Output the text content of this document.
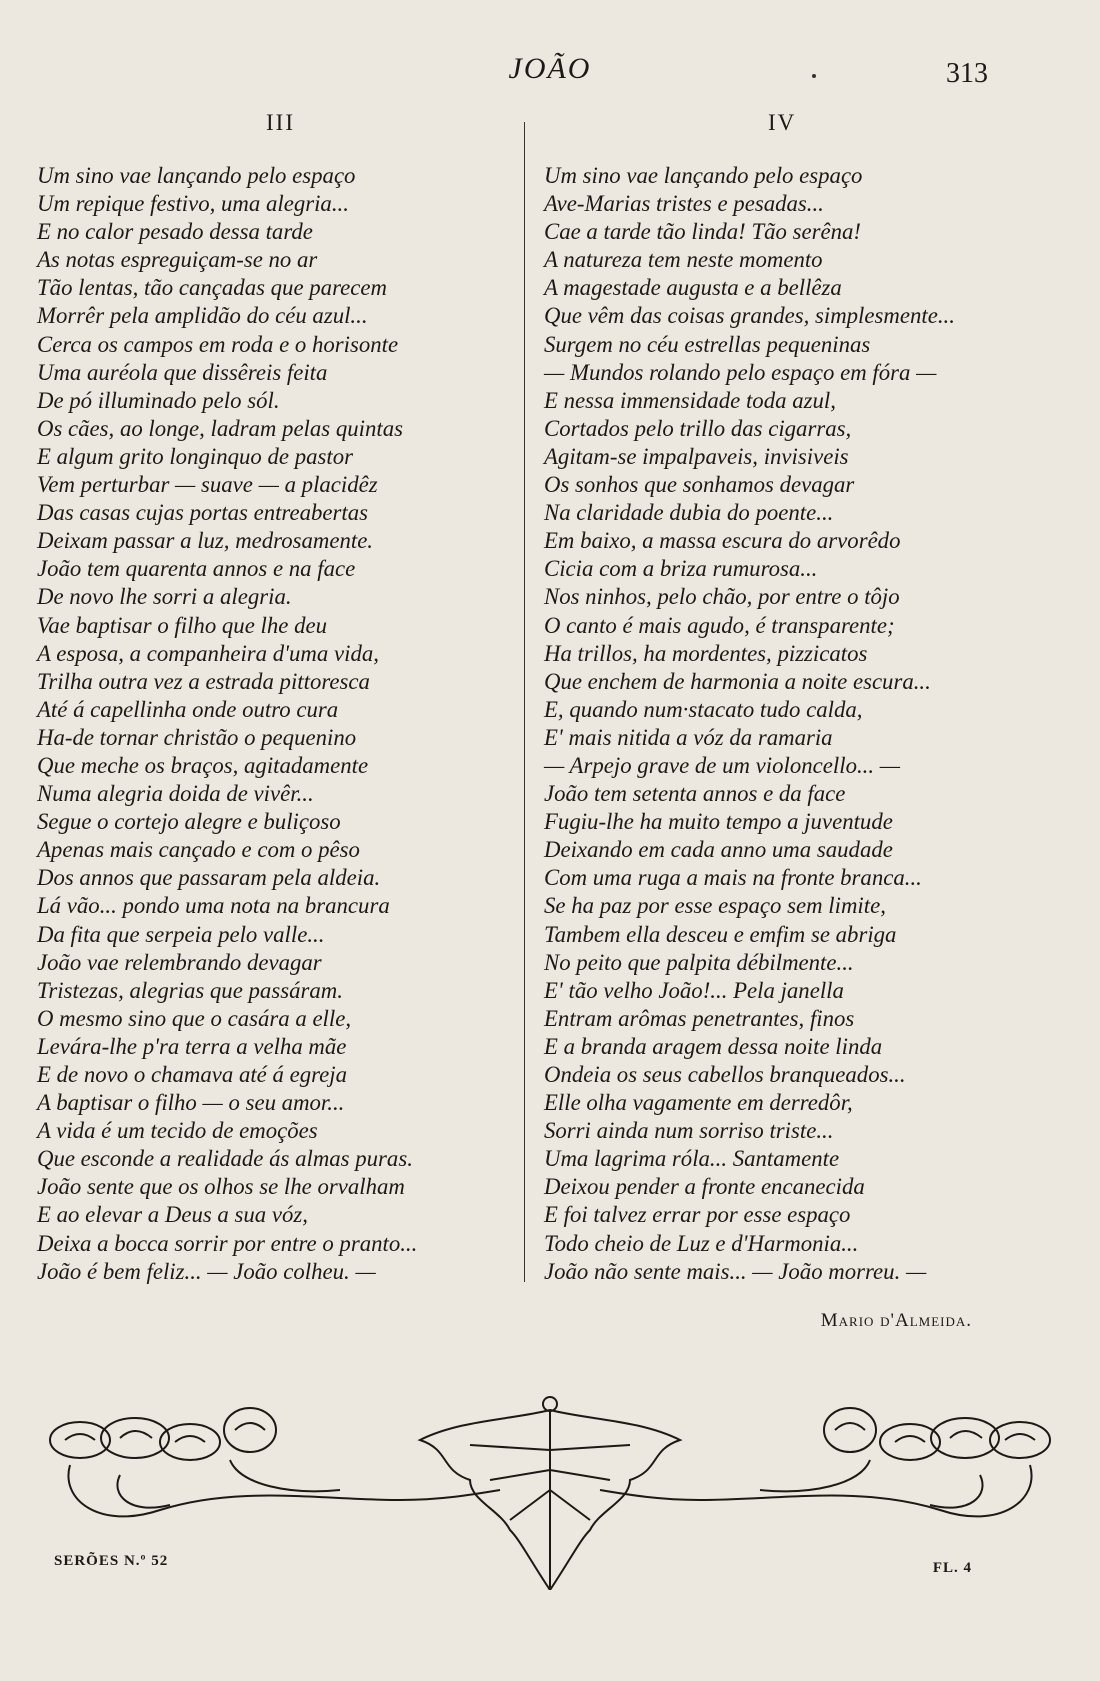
JOÃO	313
III	IV
Um sino vae lançando pelo espaço
Um repique festivo, uma alegria...
E no calor pesado dessa tarde
As notas espreguiçam-se no ar
Tão lentas, tão cançadas que parecem
Morrêr pela amplidão do céu azul...
Cerca os campos em roda e o horisonte
Uma auréola que dissêreis feita
De pó illuminado pelo sól.
Os cães, ao longe, ladram pelas quintas
E algum grito longinquo de pastor
Vem perturbar — suave — a placidêz
Das casas cujas portas entreabertas
Deixam passar a luz, medrosamente.
João tem quarenta annos e na face
De novo lhe sorri a alegria.
Vae baptisar o filho que lhe deu
A esposa, a companheira d'uma vida,
Trilha outra vez a estrada pittoresca
Até á capellinha onde outro cura
Ha-de tornar christão o pequenino
Que meche os braços, agitadamente
Numa alegria doida de vivêr...
Segue o cortejo alegre e buliçoso
Apenas mais cançado e com o pêso
Dos annos que passaram pela aldeia.
Lá vão... pondo uma nota na brancura
Da fita que serpeia pelo valle...
João vae relembrando devagar
Tristezas, alegrias que passáram.
O mesmo sino que o casára a elle,
Levára-lhe p'ra terra a velha mãe
E de novo o chamava até á egreja
A baptisar o filho — o seu amor...
A vida é um tecido de emoções
Que esconde a realidade ás almas puras.
João sente que os olhos se lhe orvalham
E ao elevar a Deus a sua vóz,
Deixa a bocca sorrir por entre o pranto...
João é bem feliz... — João colheu. —
Um sino vae lançando pelo espaço
Ave-Marias tristes e pesadas...
Cae a tarde tão linda! Tão serêna!
A natureza tem neste momento
A magestade augusta e a bellêza
Que vêm das coisas grandes, simplesmente...
Surgem no céu estrellas pequeninas
— Mundos rolando pelo espaço em fóra —
E nessa immensidade toda azul,
Cortados pelo trillo das cigarras,
Agitam-se impalpaveis, invisiveis
Os sonhos que sonhamos devagar
Na claridade dubia do poente...
Em baixo, a massa escura do arvorêdo
Cicia com a briza rumurosa...
Nos ninhos, pelo chão, por entre o tôjo
O canto é mais agudo, é transparente;
Ha trillos, ha mordentes, pizzicatos
Que enchem de harmonia a noite escura...
E, quando num·stacato tudo calda,
E' mais nitida a vóz da ramaria
— Arpejo grave de um violoncello... —
João tem setenta annos e da face
Fugiu-lhe ha muito tempo a juventude
Deixando em cada anno uma saudade
Com uma ruga a mais na fronte branca...
Se ha paz por esse espaço sem limite,
Tambem ella desceu e emfim se abriga
No peito que palpita débilmente...
E' tão velho João!... Pela janella
Entram arômas penetrantes, finos
E a branda aragem dessa noite linda
Ondeia os seus cabellos branqueados...
Elle olha vagamente em derredôr,
Sorri ainda num sorriso triste...
Uma lagrima róla... Santamente
Deixou pender a fronte encanecida
E foi talvez errar por esse espaço
Todo cheio de Luz e d'Harmonia...
João não sente mais... — João morreu. —
Mario d'Almeida.
SERÕES N.º 52	FL. 4
